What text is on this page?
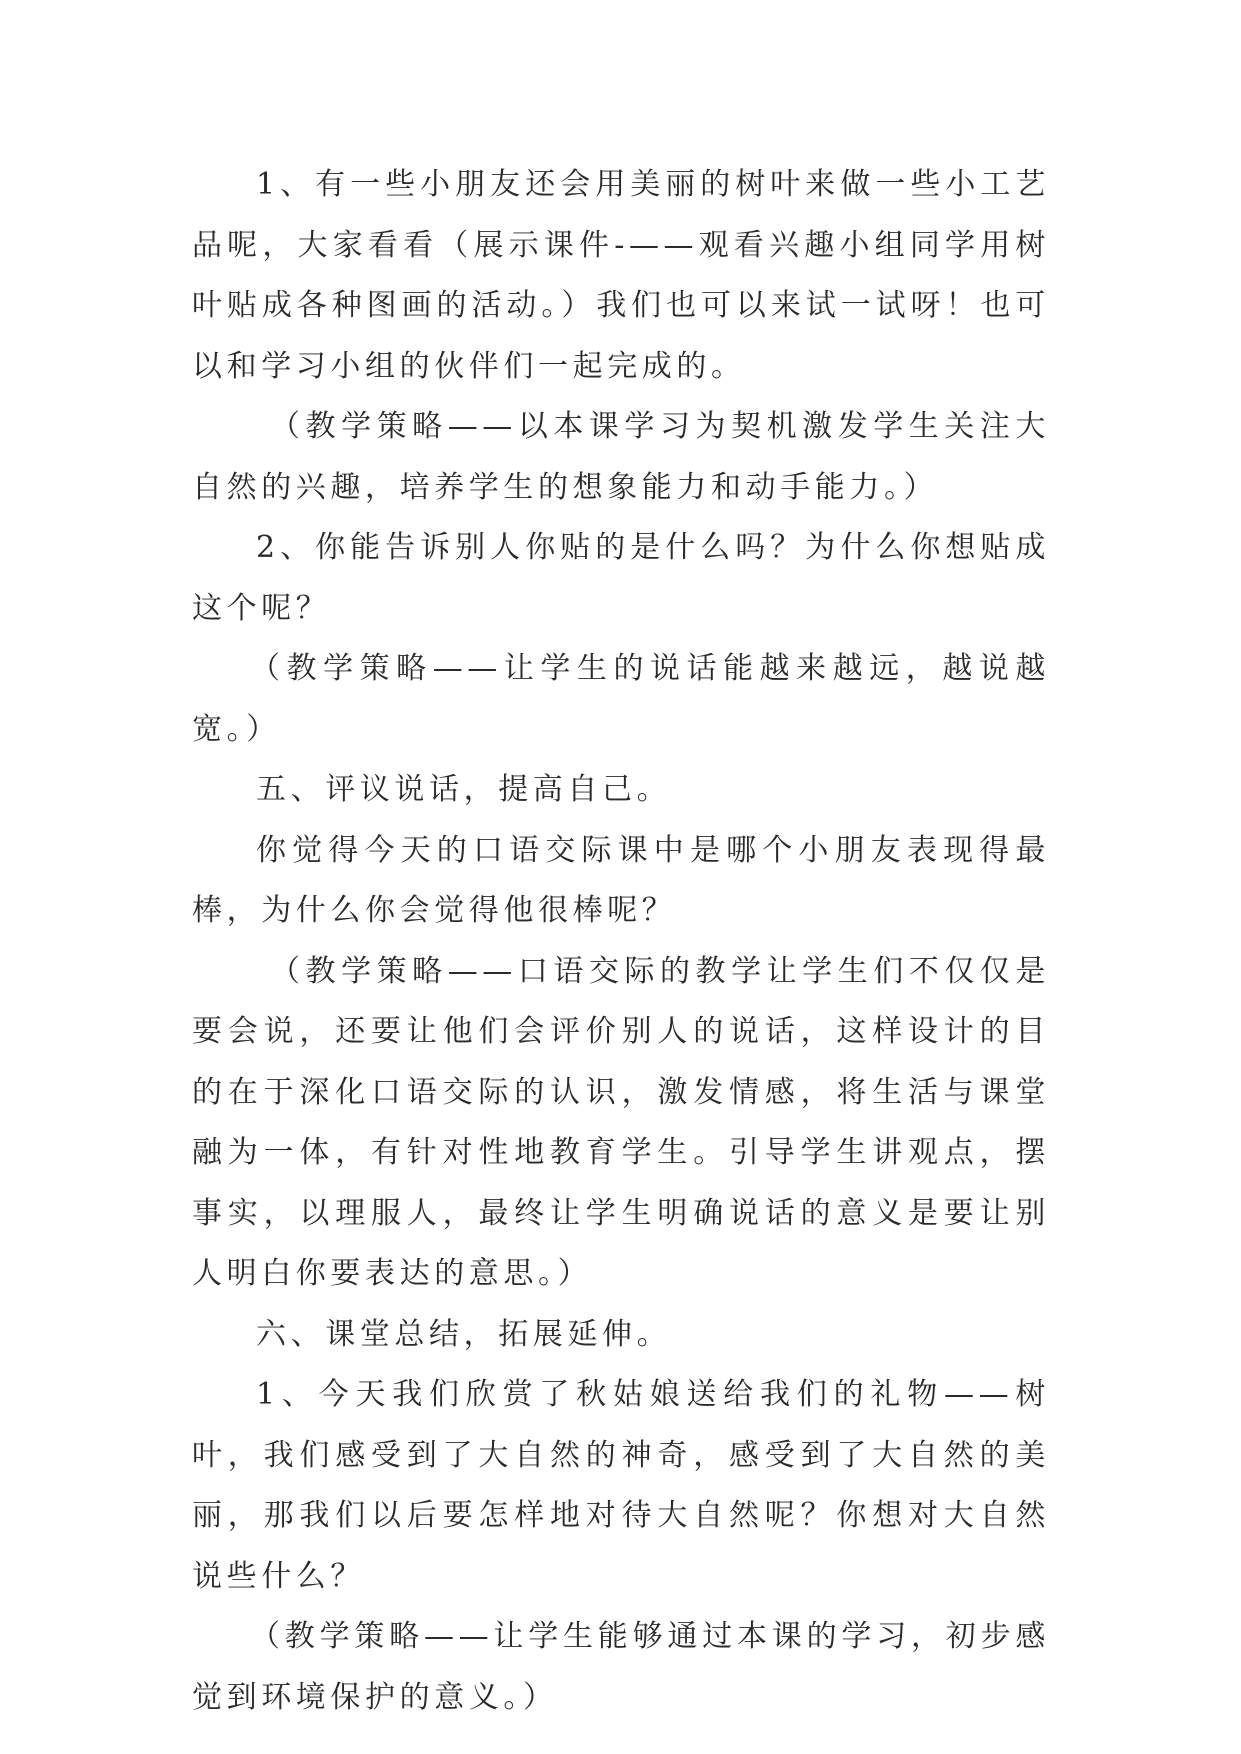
1、有一些小朋友还会用美丽的树叶来做一些小工艺品呢，大家看看（展示课件-——观看兴趣小组同学用树叶贴成各种图画的活动。）我们也可以来试一试呀！也可以和学习小组的伙伴们一起完成的。

（教学策略——以本课学习为契机激发学生关注大自然的兴趣，培养学生的想象能力和动手能力。）

2、你能告诉别人你贴的是什么吗？为什么你想贴成这个呢？

（教学策略——让学生的说话能越来越远，越说越宽。）

五、评议说话，提高自己。

你觉得今天的口语交际课中是哪个小朋友表现得最棒，为什么你会觉得他很棒呢？

（教学策略——口语交际的教学让学生们不仅仅是要会说，还要让他们会评价别人的说话，这样设计的目的在于深化口语交际的认识，激发情感，将生活与课堂融为一体，有针对性地教育学生。引导学生讲观点，摆事实，以理服人，最终让学生明确说话的意义是要让别人明白你要表达的意思。）

六、课堂总结，拓展延伸。

1、今天我们欣赏了秋姑娘送给我们的礼物——树叶，我们感受到了大自然的神奇，感受到了大自然的美丽，那我们以后要怎样地对待大自然呢？你想对大自然说些什么？

（教学策略——让学生能够通过本课的学习，初步感觉到环境保护的意义。）
